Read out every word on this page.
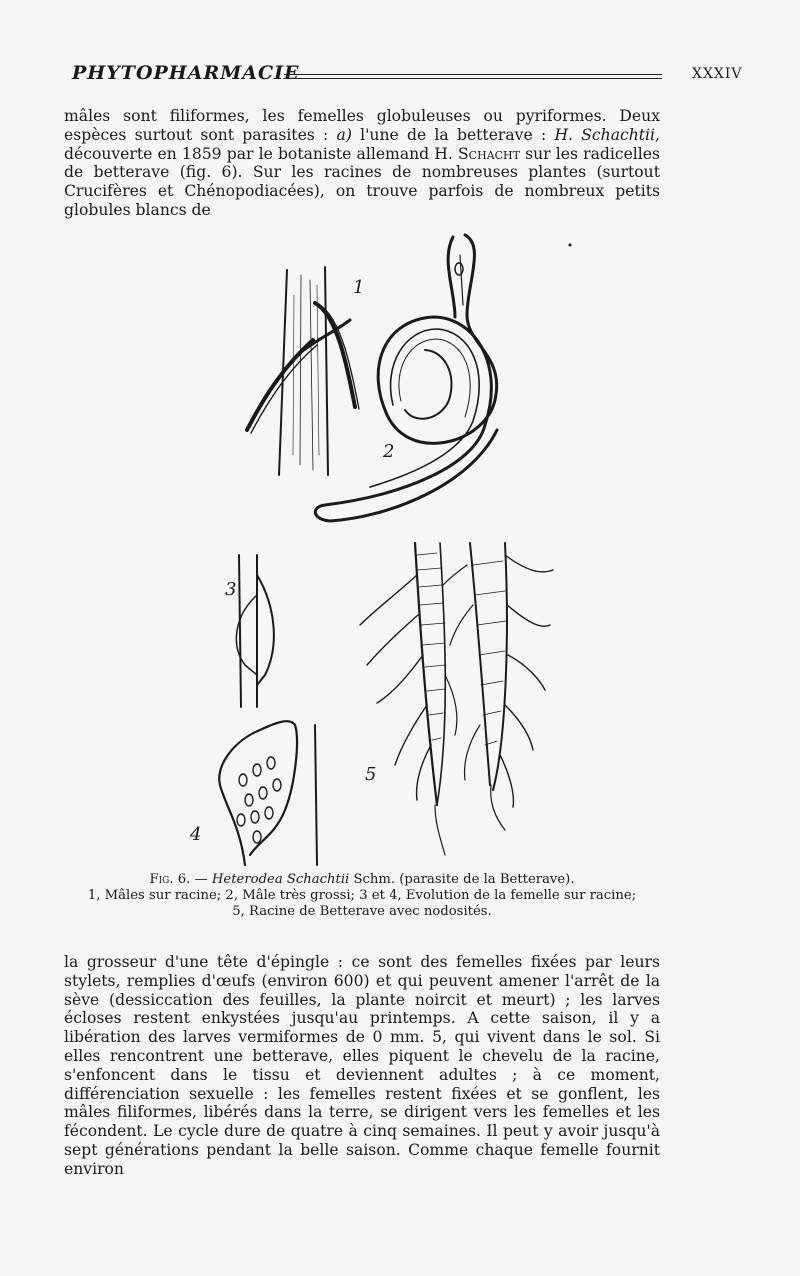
PHYTOPHARMACIE	XXXIV

mâles sont filiformes, les femelles globuleuses ou pyriformes. Deux espèces surtout sont parasites : a) l'une de la betterave : H. Schachtii, découverte en 1859 par le botaniste allemand H. Schacht sur les radicelles de betterave (fig. 6). Sur les racines de nombreuses plantes (surtout Crucifères et Chénopodiacées), on trouve parfois de nombreux petits globules blancs de

1
2
3
4
5

Fig. 6. — Heterodea Schachtii Schm. (parasite de la Betterave).

1, Mâles sur racine; 2, Mâle très grossi; 3 et 4, Evolution de la femelle sur racine;

5, Racine de Betterave avec nodosités.

la grosseur d'une tête d'épingle : ce sont des femelles fixées par leurs stylets, remplies d'œufs (environ 600) et qui peuvent amener l'arrêt de la sève (dessiccation des feuilles, la plante noircit et meurt) ; les larves écloses restent enkystées jusqu'au printemps. A cette saison, il y a libération des larves vermiformes de 0 mm. 5, qui vivent dans le sol. Si elles rencontrent une betterave, elles piquent le chevelu de la racine, s'enfoncent dans le tissu et deviennent adultes ; à ce moment, différenciation sexuelle : les femelles restent fixées et se gonflent, les mâles filiformes, libérés dans la terre, se dirigent vers les femelles et les fécondent. Le cycle dure de quatre à cinq semaines. Il peut y avoir jusqu'à sept générations pendant la belle saison. Comme chaque femelle fournit environ
